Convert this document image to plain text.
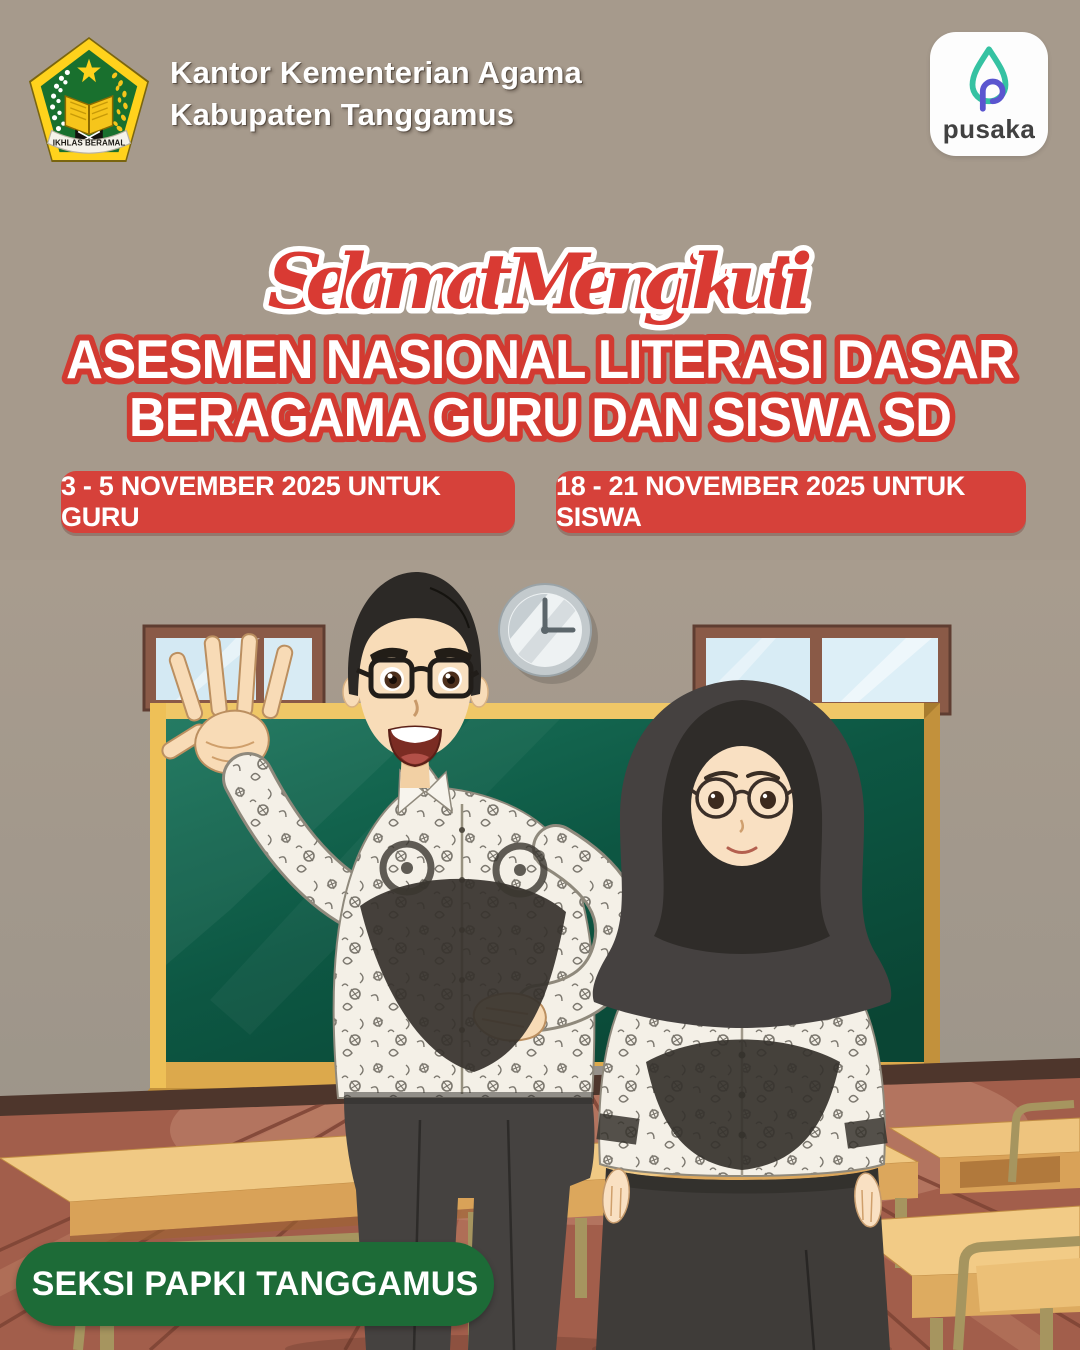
IKHLAS BERAMAL
Kantor Kementerian Agama
Kabupaten Tanggamus	pusaka
Selamat Mengikuti
ASESMEN NASIONAL LITERASI DASAR
BERAGAMA GURU DAN SISWA SD
3 - 5 NOVEMBER 2025 UNTUK GURU
18 - 21 NOVEMBER 2025 UNTUK SISWA
SEKSI PAPKI TANGGAMUS
